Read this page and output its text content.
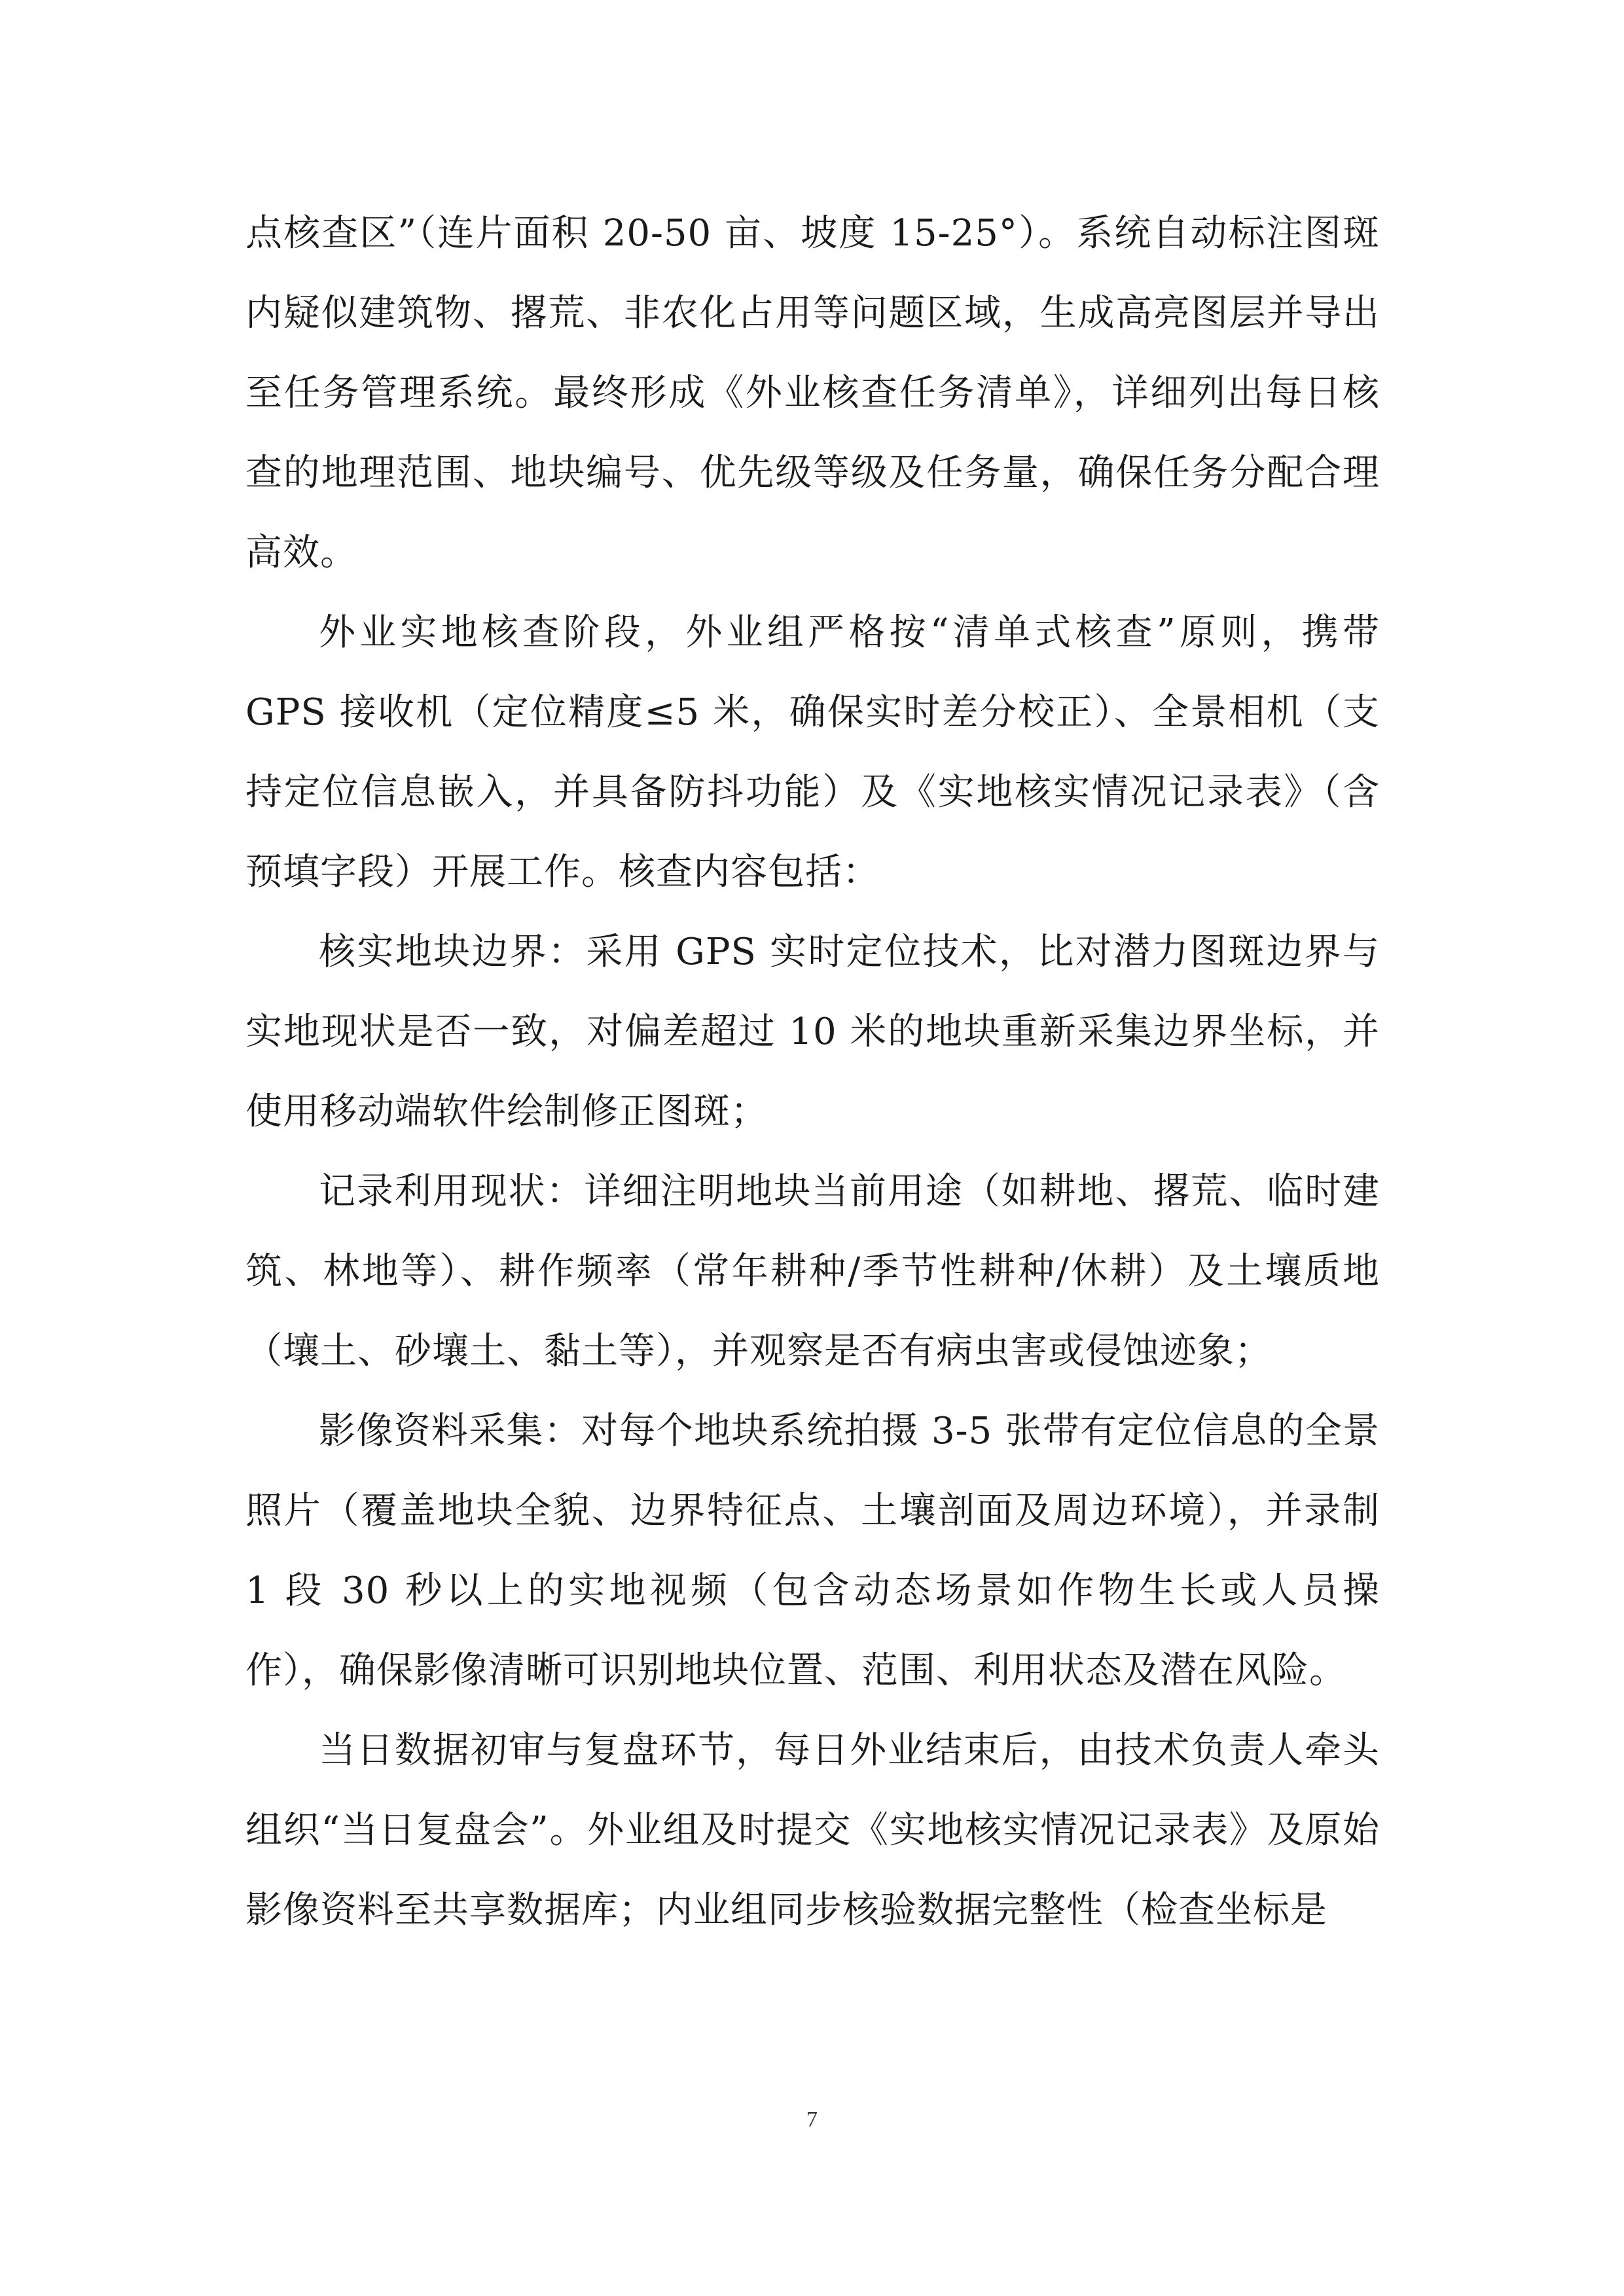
点核查区”（连片面积 20-50 亩、坡度 15-25°）。系统自动标注图斑内疑似建筑物、撂荒、非农化占用等问题区域，生成高亮图层并导出至任务管理系统。最终形成《外业核查任务清单》，详细列出每日核查的地理范围、地块编号、优先级等级及任务量，确保任务分配合理高效。

外业实地核查阶段，外业组严格按“清单式核查”原则，携带 GPS 接收机（定位精度≤5 米，确保实时差分校正）、全景相机（支持定位信息嵌入，并具备防抖功能）及《实地核实情况记录表》（含预填字段）开展工作。核查内容包括：

核实地块边界：采用 GPS 实时定位技术，比对潜力图斑边界与实地现状是否一致，对偏差超过 10 米的地块重新采集边界坐标，并使用移动端软件绘制修正图斑；

记录利用现状：详细注明地块当前用途（如耕地、撂荒、临时建筑、林地等）、耕作频率（常年耕种/季节性耕种/休耕）及土壤质地（壤土、砂壤土、黏土等），并观察是否有病虫害或侵蚀迹象；

影像资料采集：对每个地块系统拍摄 3-5 张带有定位信息的全景照片（覆盖地块全貌、边界特征点、土壤剖面及周边环境），并录制 1 段 30 秒以上的实地视频（包含动态场景如作物生长或人员操作），确保影像清晰可识别地块位置、范围、利用状态及潜在风险。

当日数据初审与复盘环节，每日外业结束后，由技术负责人牵头组织“当日复盘会”。外业组及时提交《实地核实情况记录表》及原始影像资料至共享数据库；内业组同步核验数据完整性（检查坐标是

7
